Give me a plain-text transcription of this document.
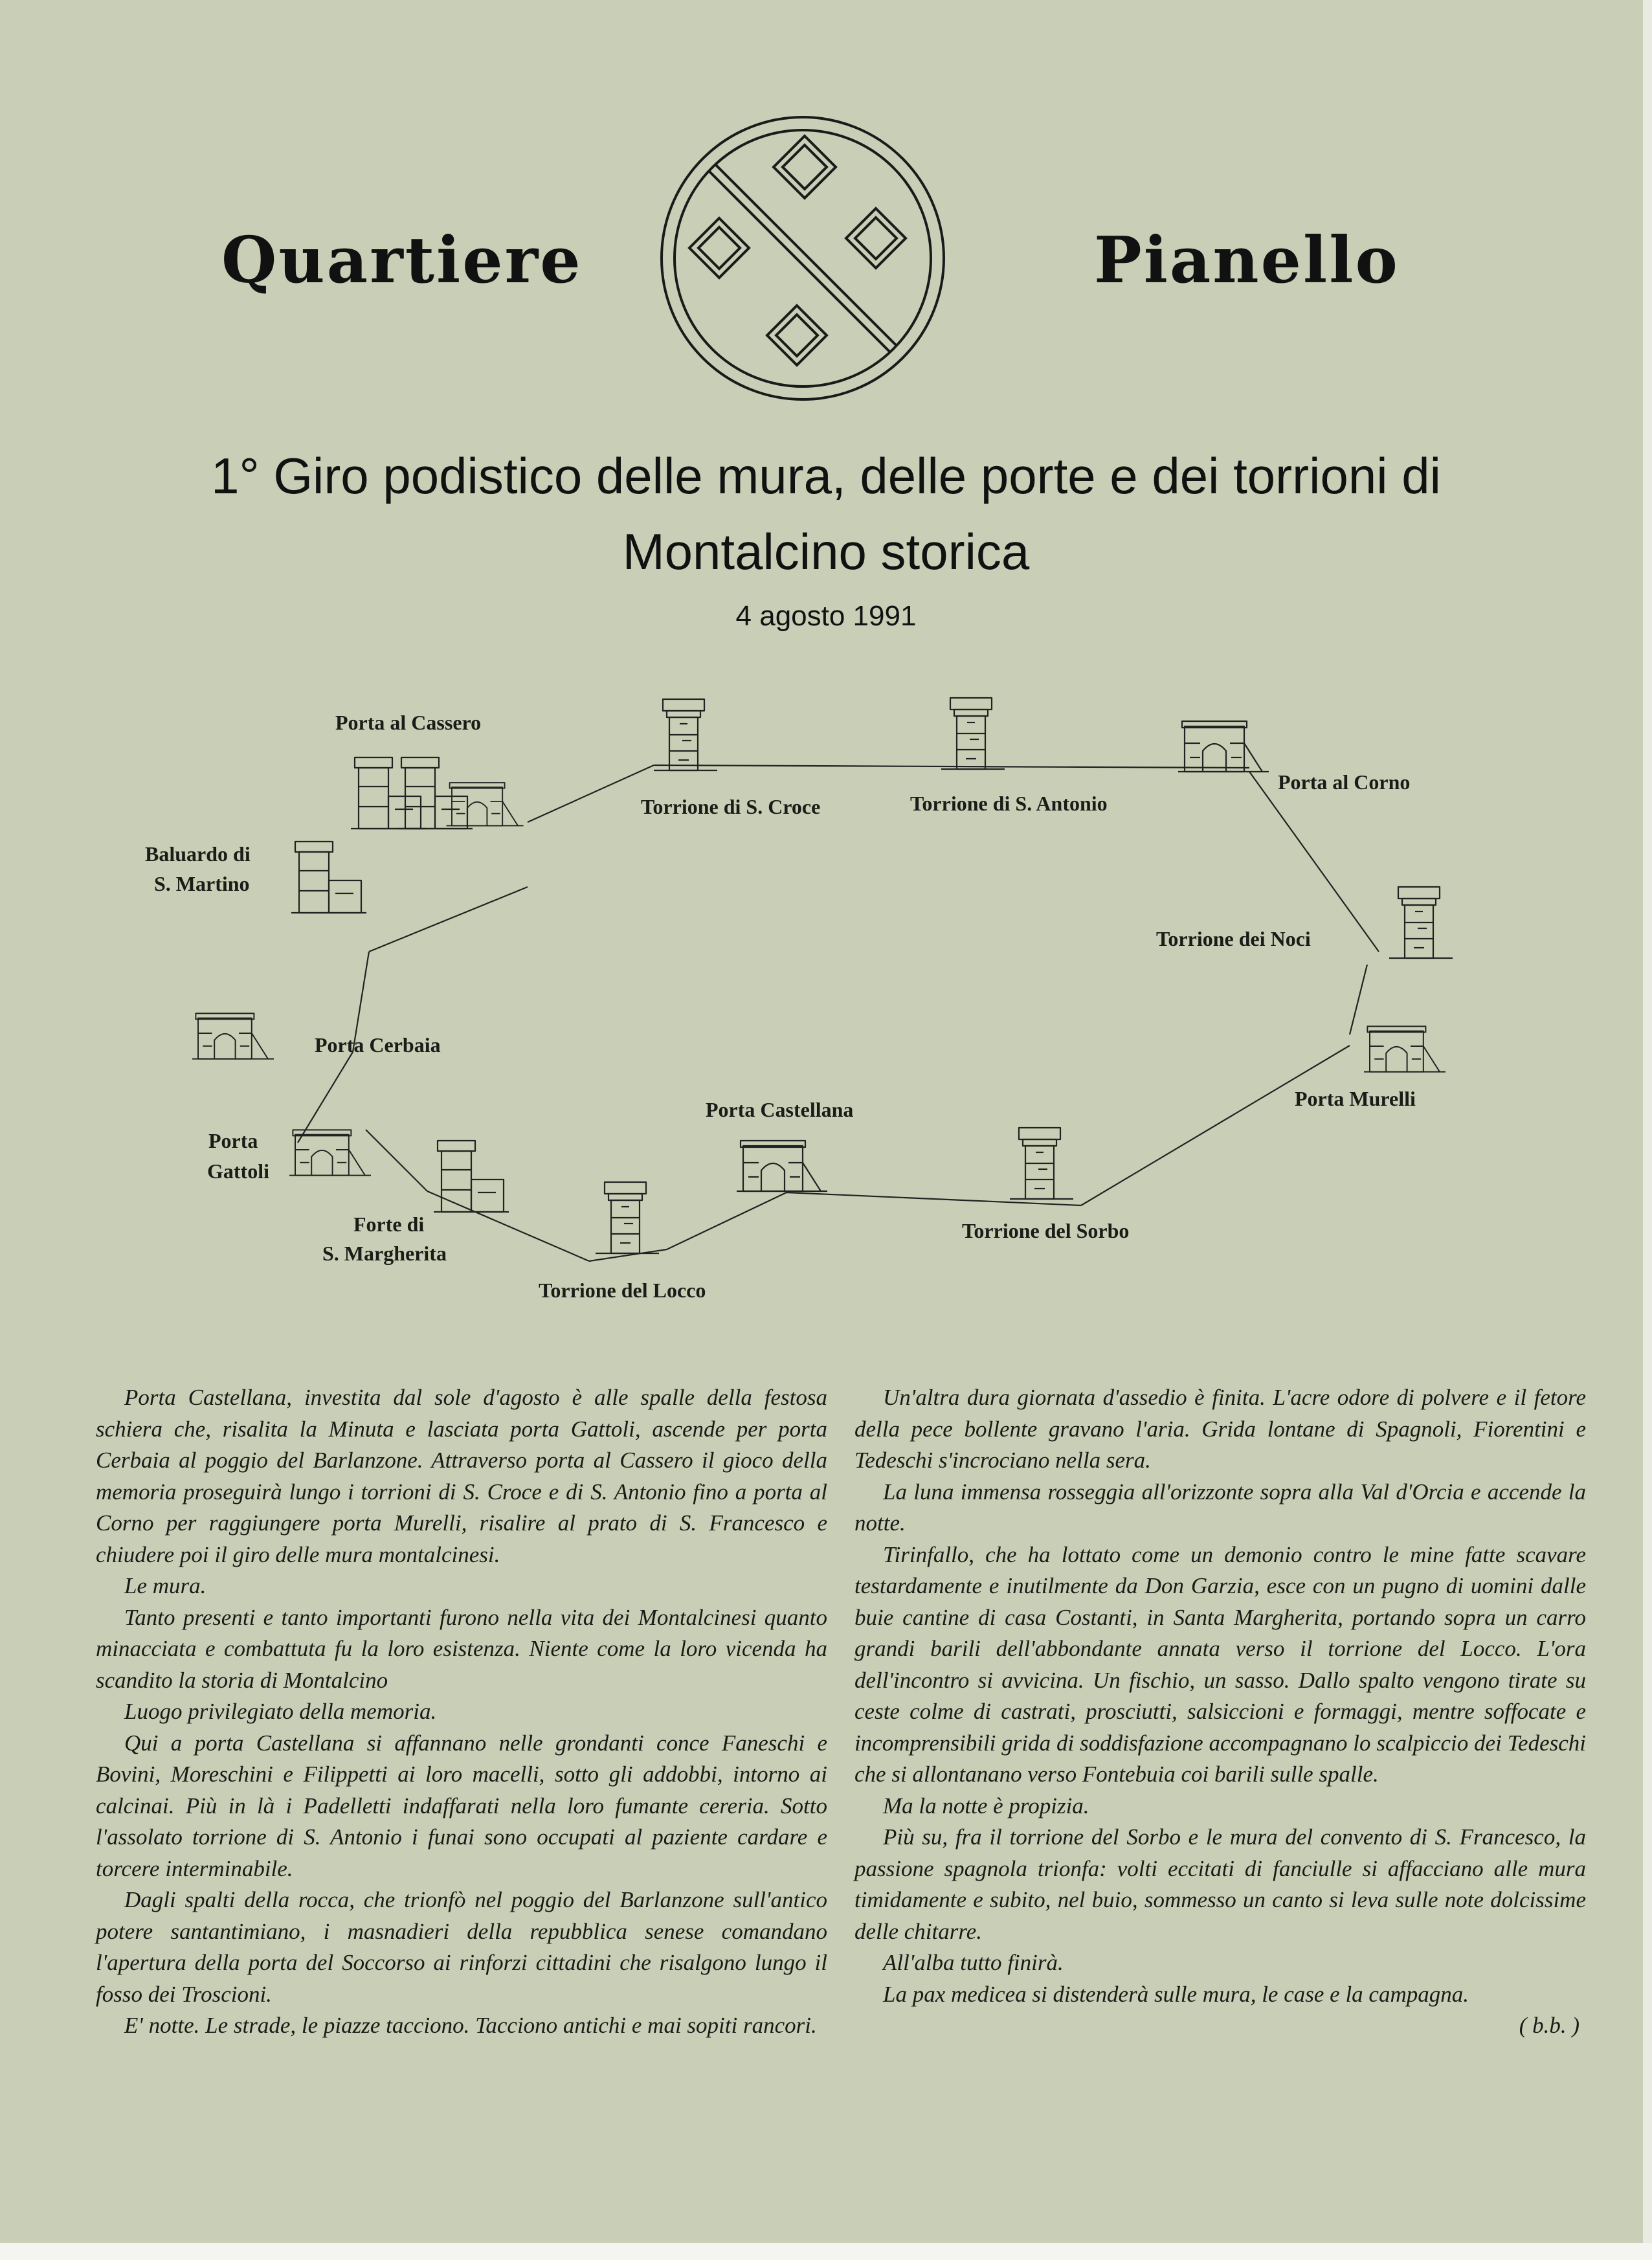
Quartiere	Pianello
1° Giro podistico delle mura, delle porte e dei torrioni di
Montalcino storica
4 agosto 1991
Porta al Cassero
Torrione di S. Croce	Torrione di S. Antonio
Porta al Corno
Baluardo di
S. Martino
Torrione dei Noci
Porta Cerbaia
Porta Murelli
Porta Castellana
Porta
Gattoli
Forte di
S. Margherita
Torrione del Sorbo
Torrione del Locco

Porta Castellana, investita dal sole d'agosto è alle spalle della festosa schiera che, risalita la Minuta e lasciata porta Gattoli, ascende per porta Cerbaia al poggio del Barlanzone. Attraverso porta al Cassero il gioco della memoria proseguirà lungo i torrioni di S. Croce e di S. Antonio fino a porta al Corno per raggiungere porta Murelli, risalire al prato di S. Francesco e chiudere poi il giro delle mura montalcinesi.

Le mura.

Tanto presenti e tanto importanti furono nella vita dei Montalcinesi quanto minacciata e combattuta fu la loro esistenza. Niente come la loro vicenda ha scandito la storia di Montalcino

Luogo privilegiato della memoria.

Qui a porta Castellana si affannano nelle grondanti conce Faneschi e Bovini, Moreschini e Filippetti ai loro macelli, sotto gli addobbi, intorno ai calcinai. Più in là i Padelletti indaffarati nella loro fumante cereria. Sotto l'assolato torrione di S. Antonio i funai sono occupati al paziente cardare e torcere interminabile.

Dagli spalti della rocca, che trionfò nel poggio del Barlanzone sull'antico potere santantimiano, i masnadieri della repubblica senese comandano l'apertura della porta del Soccorso ai rinforzi cittadini che risalgono lungo il fosso dei Troscioni.

E' notte. Le strade, le piazze tacciono. Tacciono antichi e mai sopiti rancori.

Un'altra dura giornata d'assedio è finita. L'acre odore di polvere e il fetore della pece bollente gravano l'aria. Grida lontane di Spagnoli, Fiorentini e Tedeschi s'incrociano nella sera.

La luna immensa rosseggia all'orizzonte sopra alla Val d'Orcia e accende la notte.

Tirinfallo, che ha lottato come un demonio contro le mine fatte scavare testardamente e inutilmente da Don Garzia, esce con un pugno di uomini dalle buie cantine di casa Costanti, in Santa Margherita, portando sopra un carro grandi barili dell'abbondante annata verso il torrione del Locco. L'ora dell'incontro si avvicina. Un fischio, un sasso. Dallo spalto vengono tirate su ceste colme di castrati, prosciutti, salsiccioni e formaggi, mentre soffocate e incomprensibili grida di soddisfazione accompagnano lo scalpiccio dei Tedeschi che si allontanano verso Fontebuia coi barili sulle spalle.

Ma la notte è propizia.

Più su, fra il torrione del Sorbo e le mura del convento di S. Francesco, la passione spagnola trionfa: volti eccitati di fanciulle si affacciano alle mura timidamente e subito, nel buio, sommesso un canto si leva sulle note dolcissime delle chitarre.

All'alba tutto finirà.

La pax medicea si distenderà sulle mura, le case e la campagna.

( b.b. )
